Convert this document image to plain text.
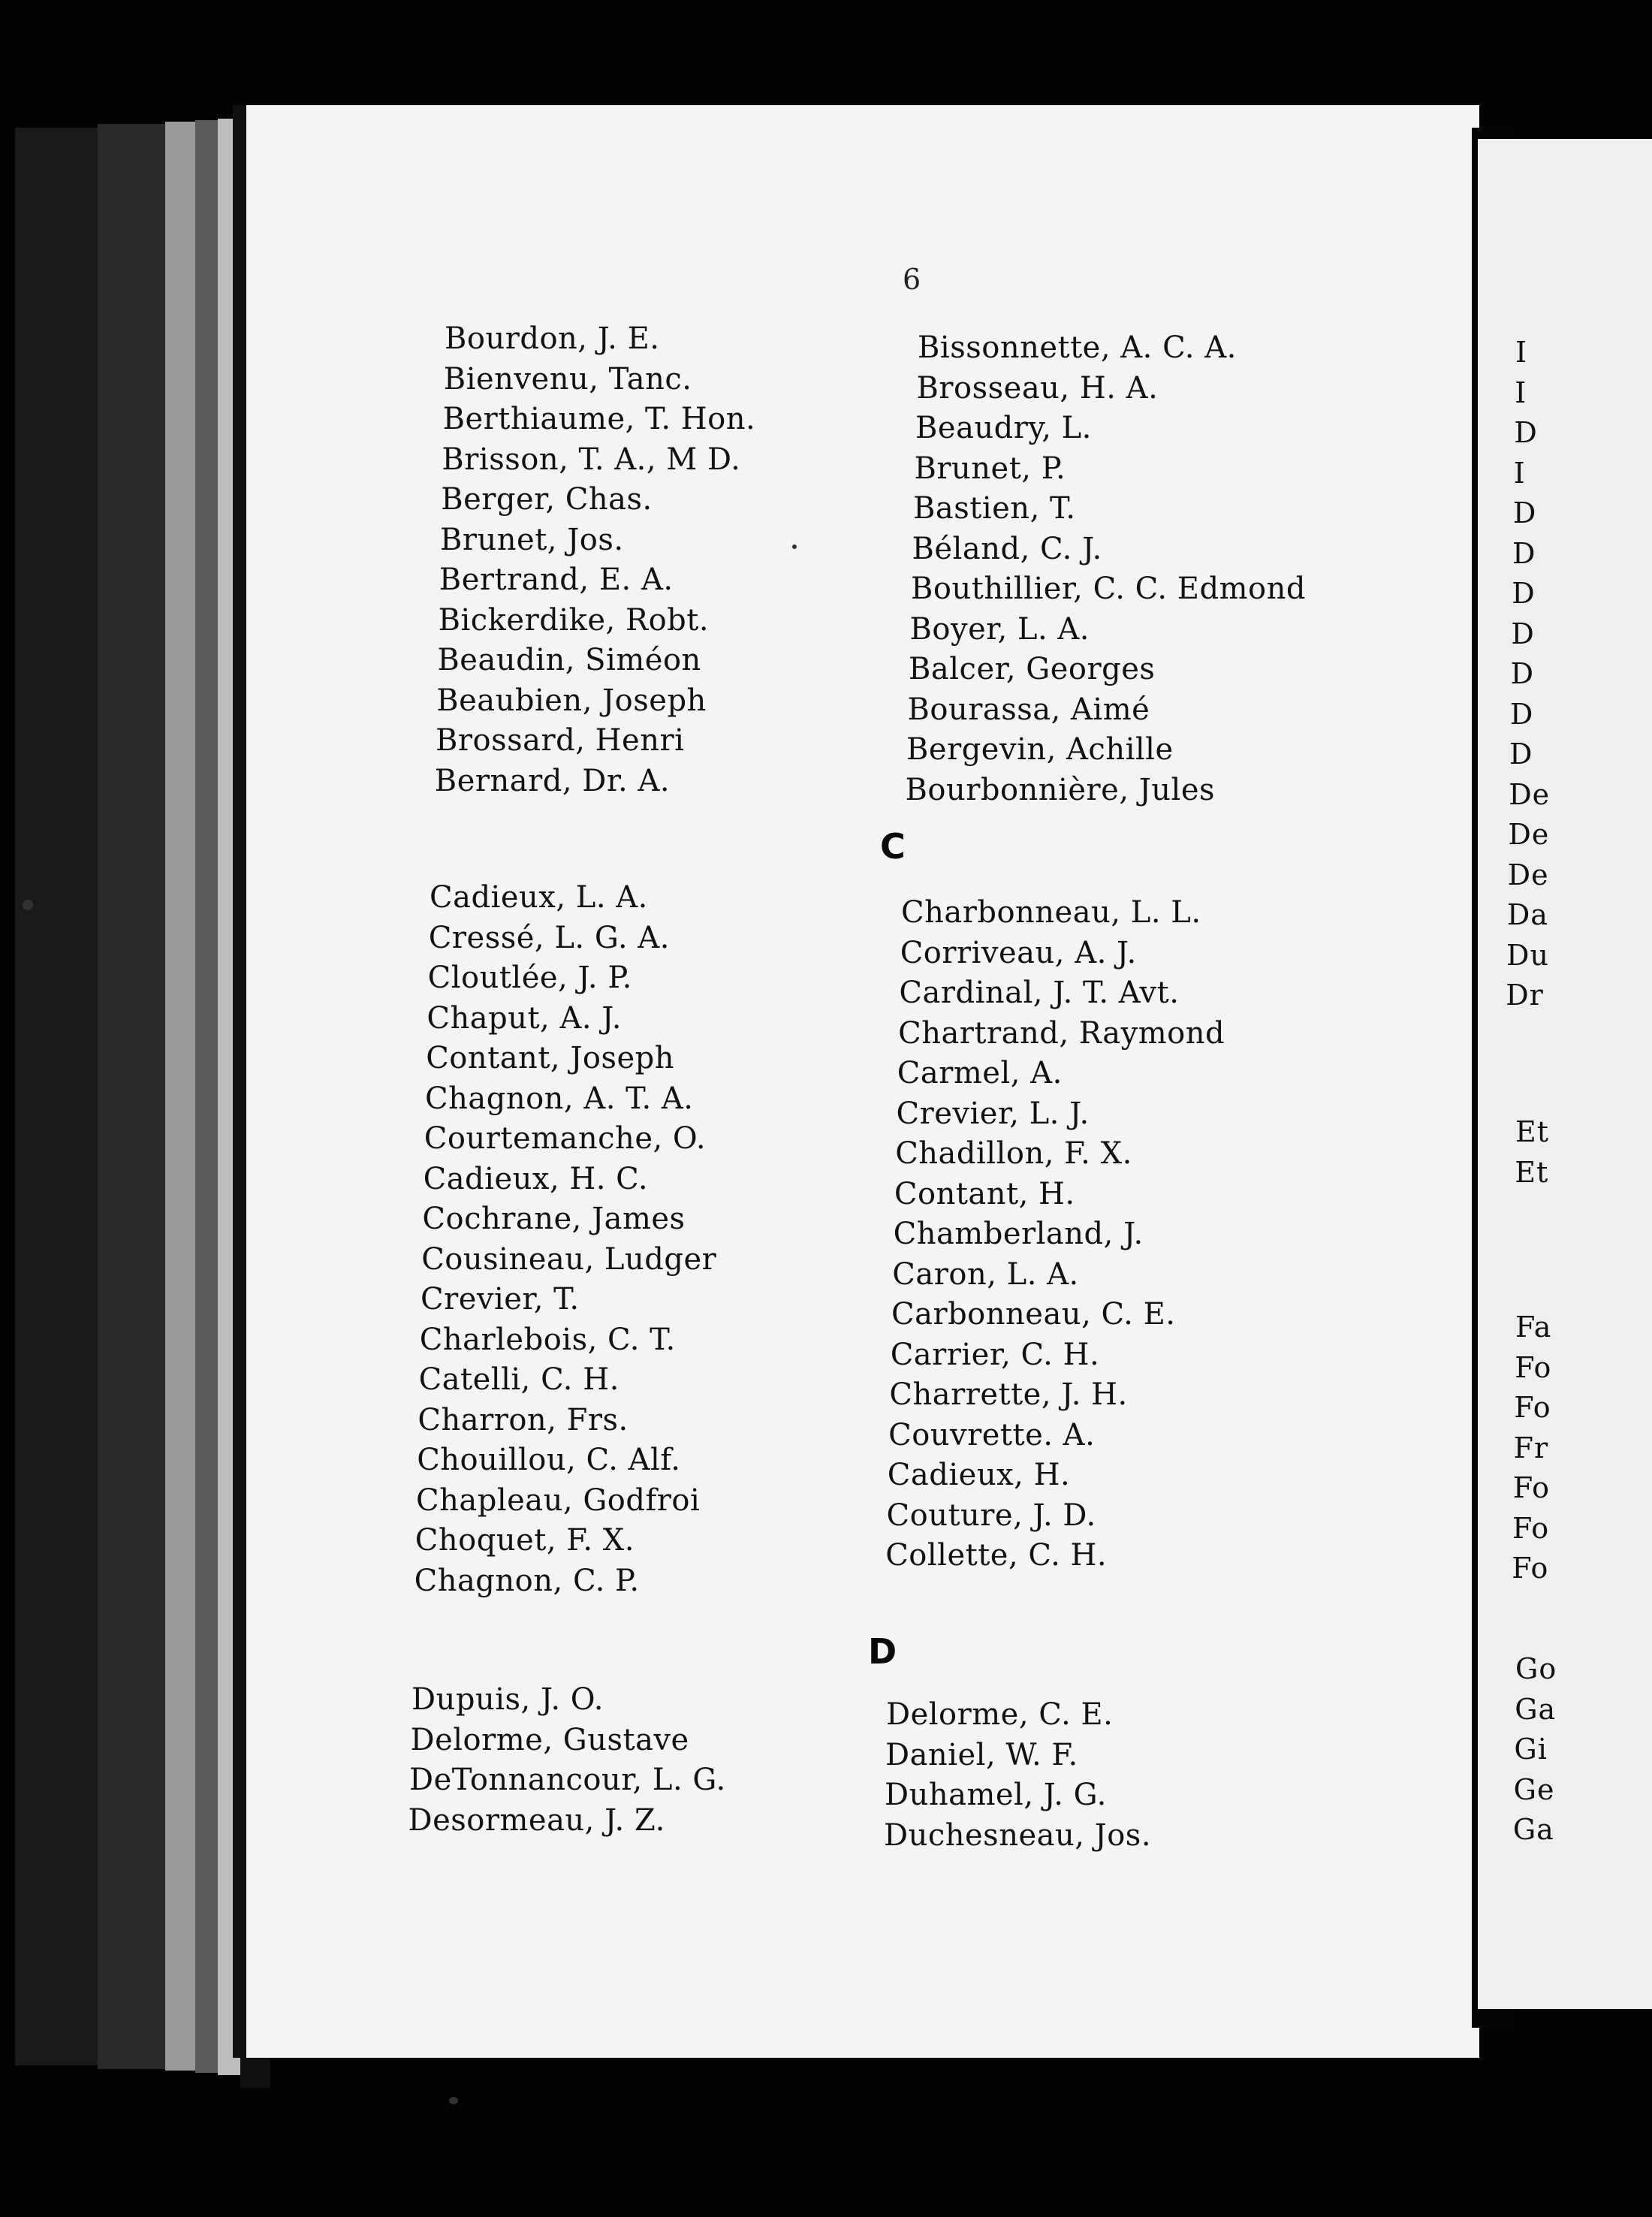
I
I
D
I
D
D
D
D
D
D
D
De
De
De
Da
Du
Dr
Et
Et
Fa
Fo
Fo
Fr
Fo
Fo
Fo
Go
Ga
Gi
Ge
Ga
6
Bourdon, J. E.
Bienvenu, Tanc.
Berthiaume, T. Hon.
Brisson, T. A., M D.
Berger, Chas.
Brunet, Jos.
Bertrand, E. A.
Bickerdike, Robt.
Beaudin, Siméon
Beaubien, Joseph
Brossard, Henri
Bernard, Dr. A.
Cadieux, L. A.
Cressé, L. G. A.
Cloutlée, J. P.
Chaput, A. J.
Contant, Joseph
Chagnon, A. T. A.
Courtemanche, O.
Cadieux, H. C.
Cochrane, James
Cousineau, Ludger
Crevier, T.
Charlebois, C. T.
Catelli, C. H.
Charron, Frs.
Chouillou, C. Alf.
Chapleau, Godfroi
Choquet, F. X.
Chagnon, C. P.
Dupuis, J. O.
Delorme, Gustave
DeTonnancour, L. G.
Desormeau, J. Z.
Bissonnette, A. C. A.
Brosseau, H. A.
Beaudry, L.
Brunet, P.
Bastien, T.
Béland, C. J.
Bouthillier, C. C. Edmond
Boyer, L. A.
Balcer, Georges
Bourassa, Aimé
Bergevin, Achille
Bourbonnière, Jules
Charbonneau, L. L.
Corriveau, A. J.
Cardinal, J. T. Avt.
Chartrand, Raymond
Carmel, A.
Crevier, L. J.
Chadillon, F. X.
Contant, H.
Chamberland, J.
Caron, L. A.
Carbonneau, C. E.
Carrier, C. H.
Charrette, J. H.
Couvrette. A.
Cadieux, H.
Couture, J. D.
Collette, C. H.
Delorme, C. E.
Daniel, W. F.
Duhamel, J. G.
Duchesneau, Jos.
C
D
